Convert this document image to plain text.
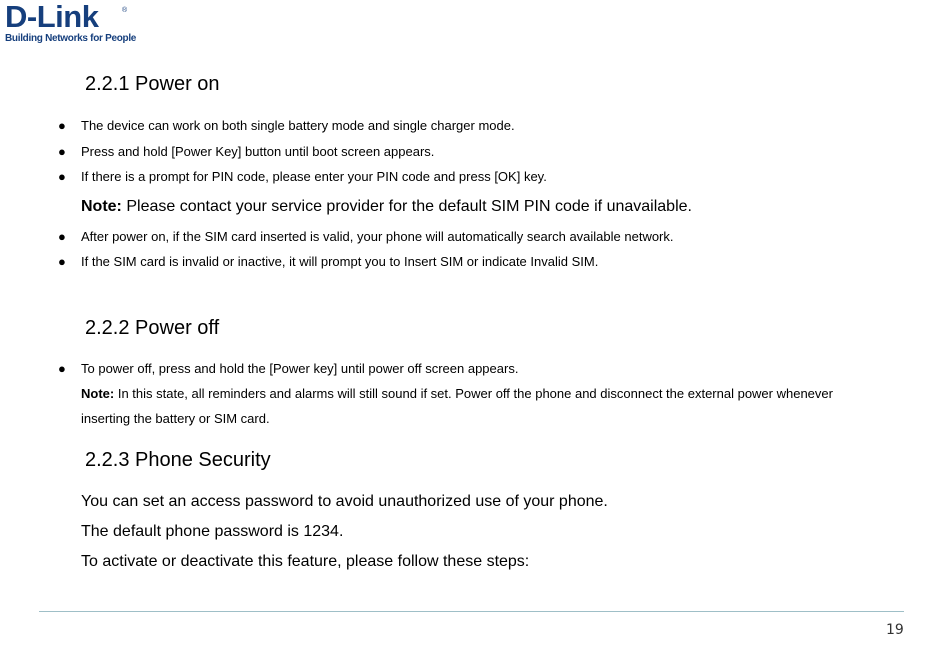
D-Link	®
Building Networks for People
2.2.1 Power on
● The device can work on both single battery mode and single charger mode.
● Press and hold [Power Key] button until boot screen appears.
● If there is a prompt for PIN code, please enter your PIN code and press [OK] key.
Note: Please contact your service provider for the default SIM PIN code if unavailable.
● After power on, if the SIM card inserted is valid, your phone will automatically search available network.
● If the SIM card is invalid or inactive, it will prompt you to Insert SIM or indicate Invalid SIM.
2.2.2 Power off
● To power off, press and hold the [Power key] until power off screen appears.
Note: In this state, all reminders and alarms will still sound if set. Power off the phone and disconnect the external power whenever
inserting the battery or SIM card.
2.2.3 Phone Security
You can set an access password to avoid unauthorized use of your phone.
The default phone password is 1234.
To activate or deactivate this feature, please follow these steps:
19
